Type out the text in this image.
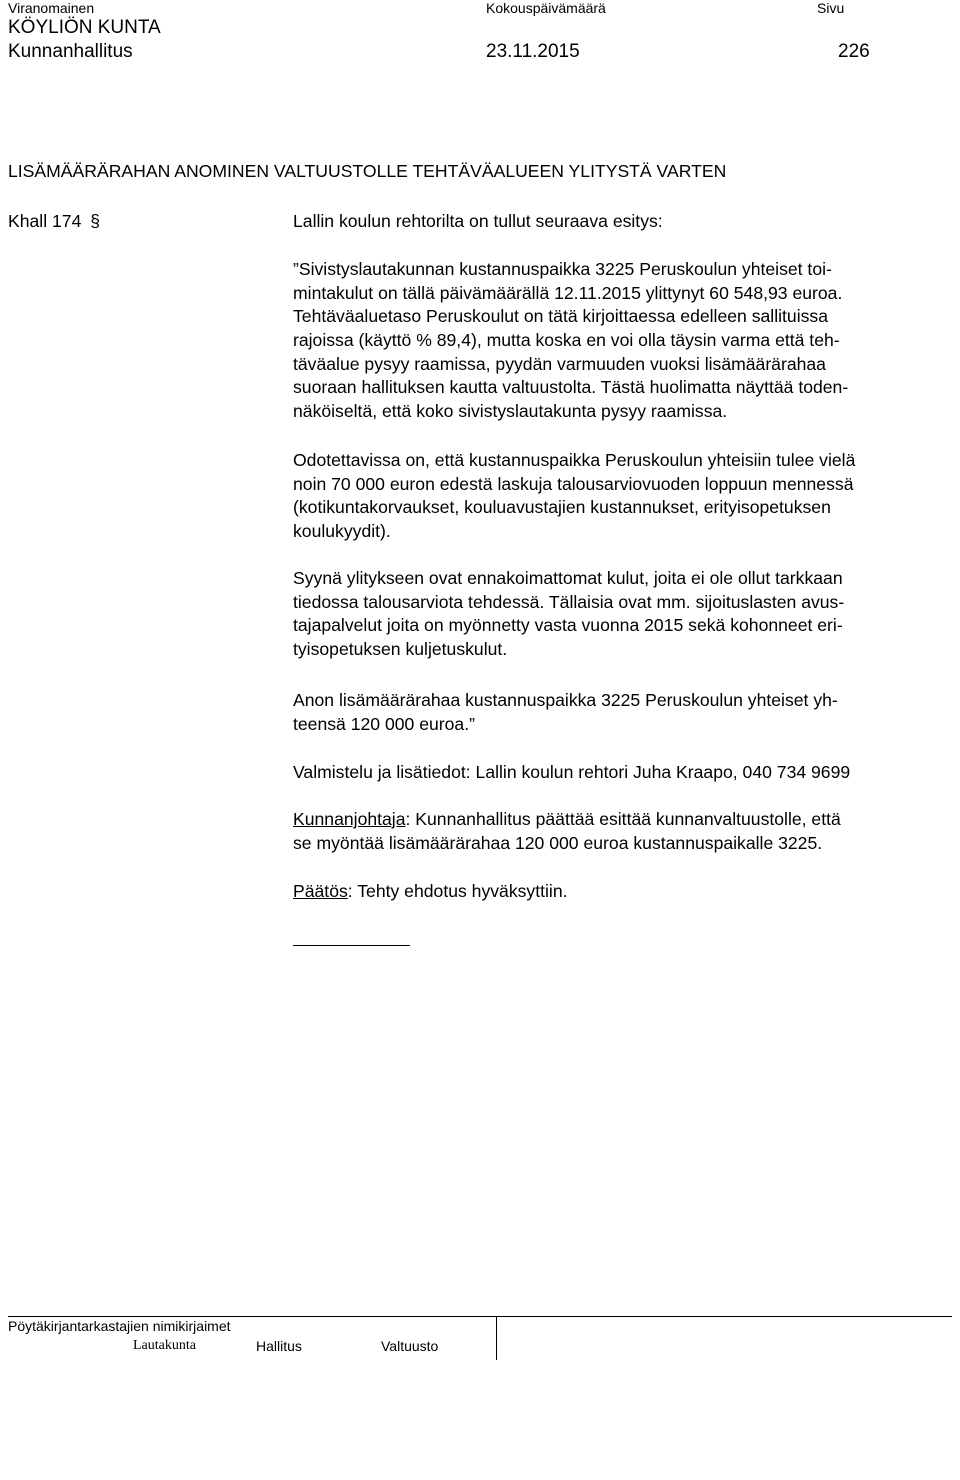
Viranomainen	Kokouspäivämäärä	Sivu
KÖYLIÖN KUNTA
Kunnanhallitus	23.11.2015	226
LISÄMÄÄRÄRAHAN ANOMINEN VALTUUSTOLLE TEHTÄVÄALUEEN YLITYSTÄ VARTEN
Khall 174 §	Lallin koulun rehtorilta on tullut seuraava esitys:
”Sivistyslautakunnan kustannuspaikka 3225 Peruskoulun yhteiset toi-
mintakulut on tällä päivämäärällä 12.11.2015 ylittynyt 60 548,93 euroa.
Tehtäväaluetaso Peruskoulut on tätä kirjoittaessa edelleen sallituissa
rajoissa (käyttö % 89,4), mutta koska en voi olla täysin varma että teh-
täväalue pysyy raamissa, pyydän varmuuden vuoksi lisämäärärahaa
suoraan hallituksen kautta valtuustolta. Tästä huolimatta näyttää toden-
näköiseltä, että koko sivistyslautakunta pysyy raamissa.
Odotettavissa on, että kustannuspaikka Peruskoulun yhteisiin tulee vielä
noin 70 000 euron edestä laskuja talousarviovuoden loppuun mennessä
(kotikuntakorvaukset, kouluavustajien kustannukset, erityisopetuksen
koulukyydit).
Syynä ylitykseen ovat ennakoimattomat kulut, joita ei ole ollut tarkkaan
tiedossa talousarviota tehdessä. Tällaisia ovat mm. sijoituslasten avus-
tajapalvelut joita on myönnetty vasta vuonna 2015 sekä kohonneet eri-
tyisopetuksen kuljetuskulut.
Anon lisämäärärahaa kustannuspaikka 3225 Peruskoulun yhteiset yh-
teensä 120 000 euroa.”
Valmistelu ja lisätiedot: Lallin koulun rehtori Juha Kraapo, 040 734 9699
Kunnanjohtaja: Kunnanhallitus päättää esittää kunnanvaltuustolle, että
se myöntää lisämäärärahaa 120 000 euroa kustannuspaikalle 3225.
Päätös: Tehty ehdotus hyväksyttiin.
Pöytäkirjantarkastajien nimikirjaimet
Lautakunta	Hallitus	Valtuusto
